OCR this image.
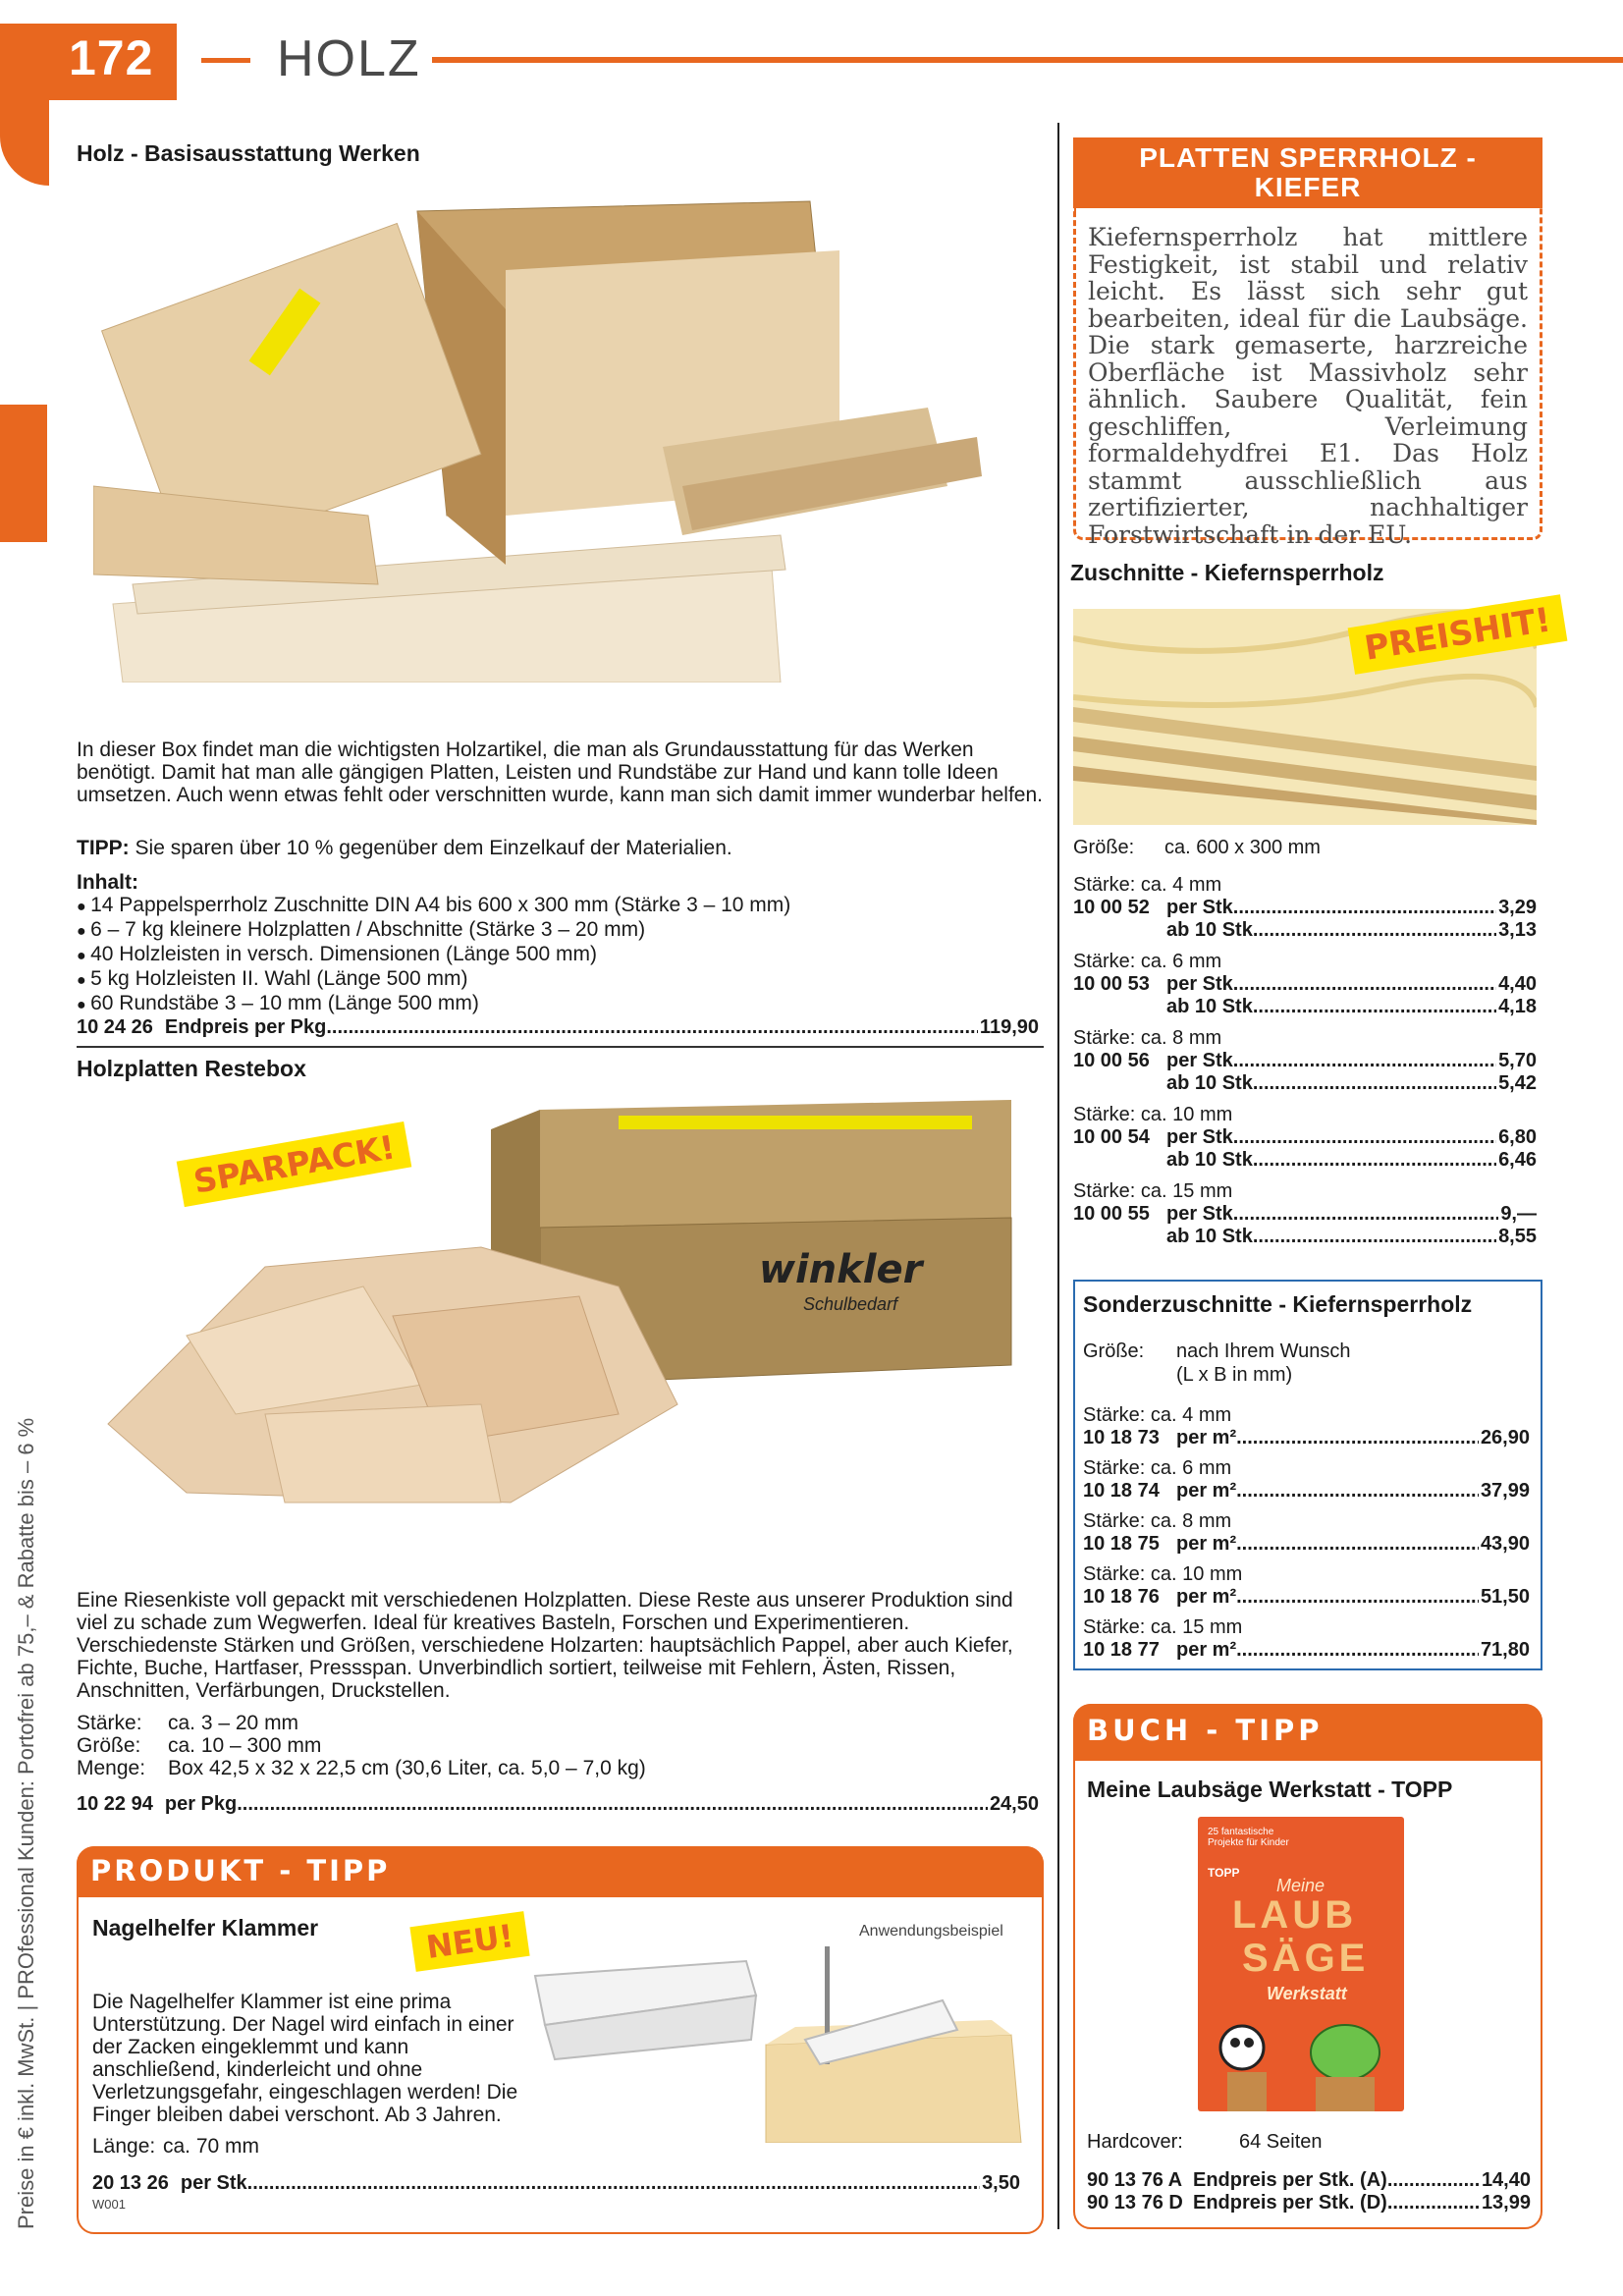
172 HOLZ
Preise in € inkl. MwSt. | PROfessional Kunden: Portofrei ab 75,– & Rabatte bis – 6 %
Holz - Basisausstattung Werken
In dieser Box findet man die wichtigsten Holzartikel, die man als Grundausstattung für das Werken benötigt. Damit hat man alle gängigen Platten, Leisten und Rundstäbe zur Hand und kann tolle Ideen umsetzen. Auch wenn etwas fehlt oder verschnitten wurde, kann man sich damit immer wunderbar helfen.
TIPP: Sie sparen über 10 % gegenüber dem Einzelkauf der Materialien.
Inhalt:
● 14 Pappelsperrholz Zuschnitte DIN A4 bis 600 x 300 mm (Stärke 3 – 10 mm)
● 6 – 7 kg kleinere Holzplatten / Abschnitte (Stärke 3 – 20 mm)
● 40 Holzleisten in versch. Dimensionen (Länge 500 mm)
● 5 kg Holzleisten II. Wahl (Länge 500 mm)
● 60 Rundstäbe 3 – 10 mm (Länge 500 mm)
10 24 26 Endpreis per Pkg. .....	119,90
Holzplatten Restebox
winkler
Schulbedarf
SPARPACK!
Eine Riesenkiste voll gepackt mit verschiedenen Holzplatten. Diese Reste aus unserer Produktion sind viel zu schade zum Wegwerfen. Ideal für kreatives Basteln, Forschen und Experimentieren. Verschiedenste Stärken und Größen, verschiedene Holzarten: hauptsächlich Pappel, aber auch Kiefer, Fichte, Buche, Hartfaser, Pressspan. Unverbindlich sortiert, teilweise mit Fehlern, Ästen, Rissen, Anschnitten, Verfärbungen, Druckstellen.
Stärke:	ca. 3 – 20 mm
Größe:	ca. 10 – 300 mm
Menge:	Box 42,5 x 32 x 22,5 cm (30,6 Liter, ca. 5,0 – 7,0 kg)
10 22 94 per Pkg. .....	24,50
PRODUKT - TIPP
Nagelhelfer Klammer	NEU!	Anwendungsbeispiel
Die Nagelhelfer Klammer ist eine prima Unterstützung. Der Nagel wird einfach in einer der Zacken eingeklemmt und kann anschließend, kinderleicht und ohne Verletzungsgefahr, eingeschlagen werden! Die Finger bleiben dabei verschont. Ab 3 Jahren.
Länge: ca. 70 mm
20 13 26 per Stk. .....	3,50
W001
PLATTEN SPERRHOLZ - KIEFER
Kiefernsperrholz hat mittlere Festigkeit, ist stabil und relativ leicht. Es lässt sich sehr gut bearbeiten, ideal für die Laubsäge. Die stark gemaserte, harzreiche Oberfläche ist Massivholz sehr ähnlich. Saubere Qualität, fein geschliffen, Verleimung formaldehydfrei E1. Das Holz stammt ausschließlich aus zertifizierter, nachhaltiger Forstwirtschaft in der EU.
Zuschnitte - Kiefernsperrholz
PREISHIT!
Größe:	ca. 600 x 300 mm
Stärke: ca. 4 mm
10 00 52 per Stk. .....	3,29
ab 10 Stk. .....	3,13
Stärke: ca. 6 mm
10 00 53 per Stk. .....	4,40
ab 10 Stk. .....	4,18
Stärke: ca. 8 mm
10 00 56 per Stk. .....	5,70
ab 10 Stk. .....	5,42
Stärke: ca. 10 mm
10 00 54 per Stk. .....	6,80
ab 10 Stk. .....	6,46
Stärke: ca. 15 mm
10 00 55 per Stk. .....	9,—
ab 10 Stk. .....	8,55
Sonderzuschnitte - Kiefernsperrholz
Größe:	nach Ihrem Wunsch
(L x B in mm)
Stärke: ca. 4 mm
10 18 73 per m² .....	26,90
Stärke: ca. 6 mm
10 18 74 per m² .....	37,99
Stärke: ca. 8 mm
10 18 75 per m² .....	43,90
Stärke: ca. 10 mm
10 18 76 per m² .....	51,50
Stärke: ca. 15 mm
10 18 77 per m² .....	71,80
BUCH - TIPP
Meine Laubsäge Werkstatt - TOPP
25 fantastische Projekte für Kinder
TOPP
Meine
LAUB
SÄGE
Werkstatt
Hardcover:	64 Seiten
90 13 76 A Endpreis per Stk. (A) .....	14,40
90 13 76 D Endpreis per Stk. (D) .....	13,99
